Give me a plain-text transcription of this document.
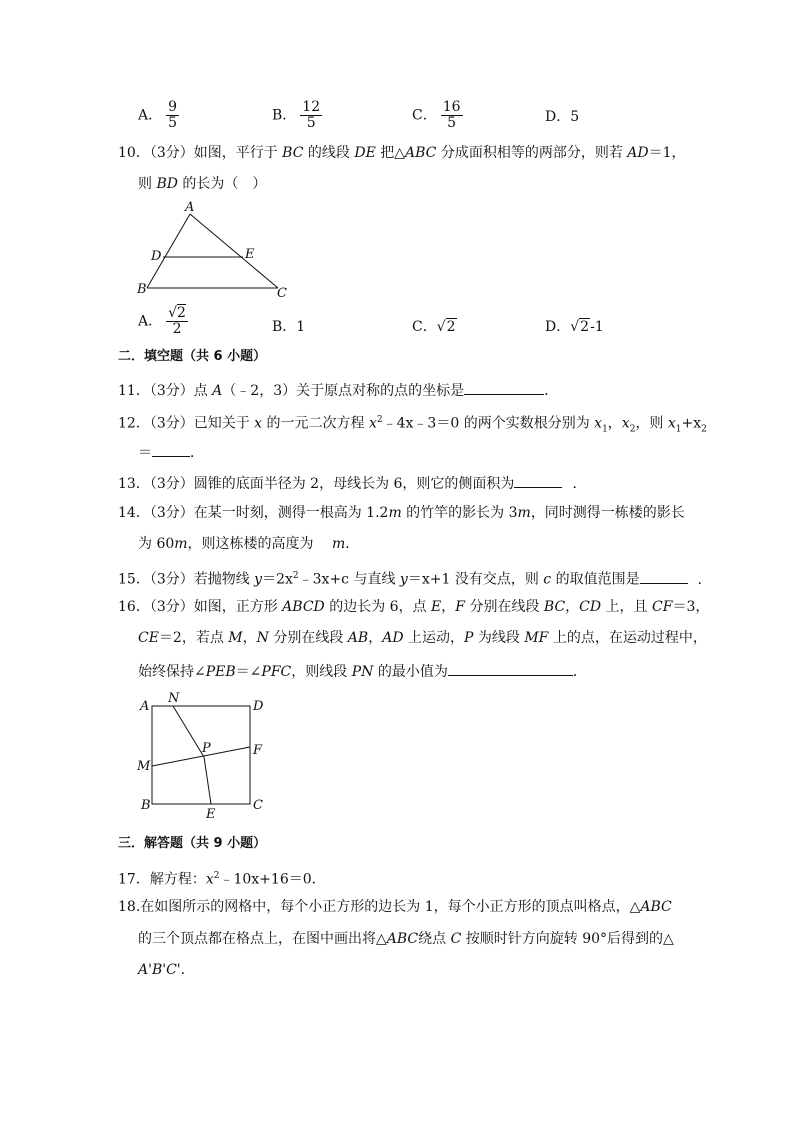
A． $\frac{9}{5}$	B． $\frac{12}{5}$	C． $\frac{16}{5}$	D．5
10．（3分）如图，平行于 BC 的线段 DE 把△ABC 分成面积相等的两部分，则若 AD＝1，
则 BD 的长为（　）
A
D	E
B	C
A． $\frac{√2}{2}$	B．1	C．√2	D．√2-1
二．填空题（共 6 小题）
11．（3分）点 A（﹣2，3）关于原点对称的点的坐标是	．
12．（3分）已知关于 x 的一元二次方程 $x^2﹣4x﹣3=0$ 的两个实数根分别为 $x_1$，$x_2$，则 $x_1+x_2$
＝	．
13．（3分）圆锥的底面半径为 2，母线长为 6，则它的侧面积为	．
14．（3分）在某一时刻，测得一根高为 1.2m 的竹竿的影长为 3m，同时测得一栋楼的影长
为 60m，则这栋楼的高度为　 m．
15．（3分）若抛物线 $y=2x^2﹣3x+c$ 与直线 y＝x+1 没有交点，则 c 的取值范围是	．
16．（3分）如图，正方形 ABCD 的边长为 6，点 E，F 分别在线段 BC，CD 上，且 CF＝3，
CE＝2，若点 M，N 分别在线段 AB，AD 上运动，P 为线段 MF 上的点，在运动过程中，
始终保持∠PEB＝∠PFC，则线段 PN 的最小值为	．
A
N
D
P	F
M
B
E
C
三．解答题（共 9 小题）
17．解方程：$x^2﹣10x+16=0$．
18.在如图所示的网格中，每个小正方形的边长为 1，每个小正方形的顶点叫格点，△ABC
的三个顶点都在格点上，在图中画出将△ABC绕点 C 按顺时针方向旋转 90°后得到的△
A'B'C'．
